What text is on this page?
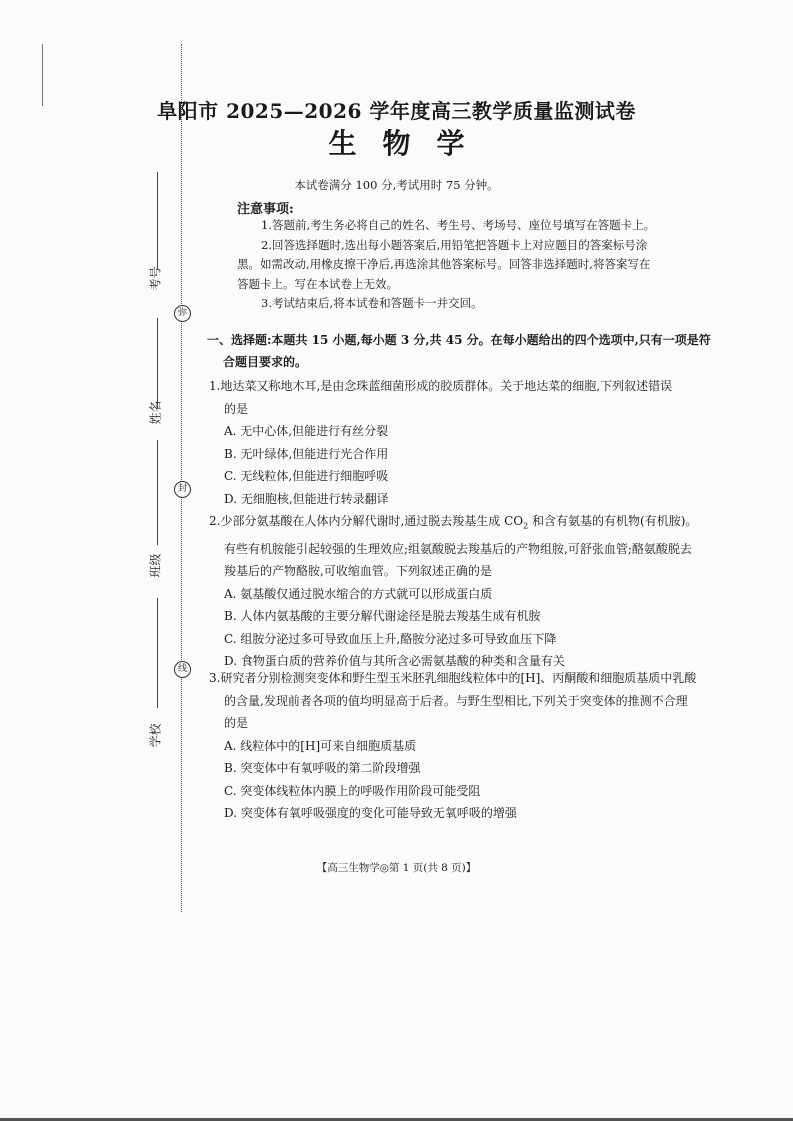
考号
弥
姓名
封
班级
线
学校
阜阳市 2025—2026 学年度高三教学质量监测试卷
生物学
本试卷满分 100 分,考试用时 75 分钟。
注意事项:

1.答题前,考生务必将自己的姓名、考生号、考场号、座位号填写在答题卡上。

2.回答选择题时,选出每小题答案后,用铅笔把答题卡上对应题目的答案标号涂

黑。如需改动,用橡皮擦干净后,再选涂其他答案标号。回答非选择题时,将答案写在

答题卡上。写在本试卷上无效。

3.考试结束后,将本试卷和答题卡一并交回。

一、选择题:本题共 15 小题,每小题 3 分,共 45 分。在每小题给出的四个选项中,只有一项是符
合题目要求的。

1.地达菜又称地木耳,是由念珠蓝细菌形成的胶质群体。关于地达菜的细胞,下列叙述错误

的是

A. 无中心体,但能进行有丝分裂

B. 无叶绿体,但能进行光合作用

C. 无线粒体,但能进行细胞呼吸

D. 无细胞核,但能进行转录翻译

2.少部分氨基酸在人体内分解代谢时,通过脱去羧基生成 $CO_2$ 和含有氨基的有机物(有机胺)。

有些有机胺能引起较强的生理效应;组氨酸脱去羧基后的产物组胺,可舒张血管;酪氨酸脱去

羧基后的产物酪胺,可收缩血管。下列叙述正确的是

A. 氨基酸仅通过脱水缩合的方式就可以形成蛋白质

B. 人体内氨基酸的主要分解代谢途径是脱去羧基生成有机胺

C. 组胺分泌过多可导致血压上升,酪胺分泌过多可导致血压下降

D. 食物蛋白质的营养价值与其所含必需氨基酸的种类和含量有关

3.研究者分别检测突变体和野生型玉米胚乳细胞线粒体中的[H]、丙酮酸和细胞质基质中乳酸

的含量,发现前者各项的值均明显高于后者。与野生型相比,下列关于突变体的推测不合理

的是

A. 线粒体中的[H]可来自细胞质基质

B. 突变体中有氧呼吸的第二阶段增强

C. 突变体线粒体内膜上的呼吸作用阶段可能受阻

D. 突变体有氧呼吸强度的变化可能导致无氧呼吸的增强

【高三生物学◎第 1 页(共 8 页)】
